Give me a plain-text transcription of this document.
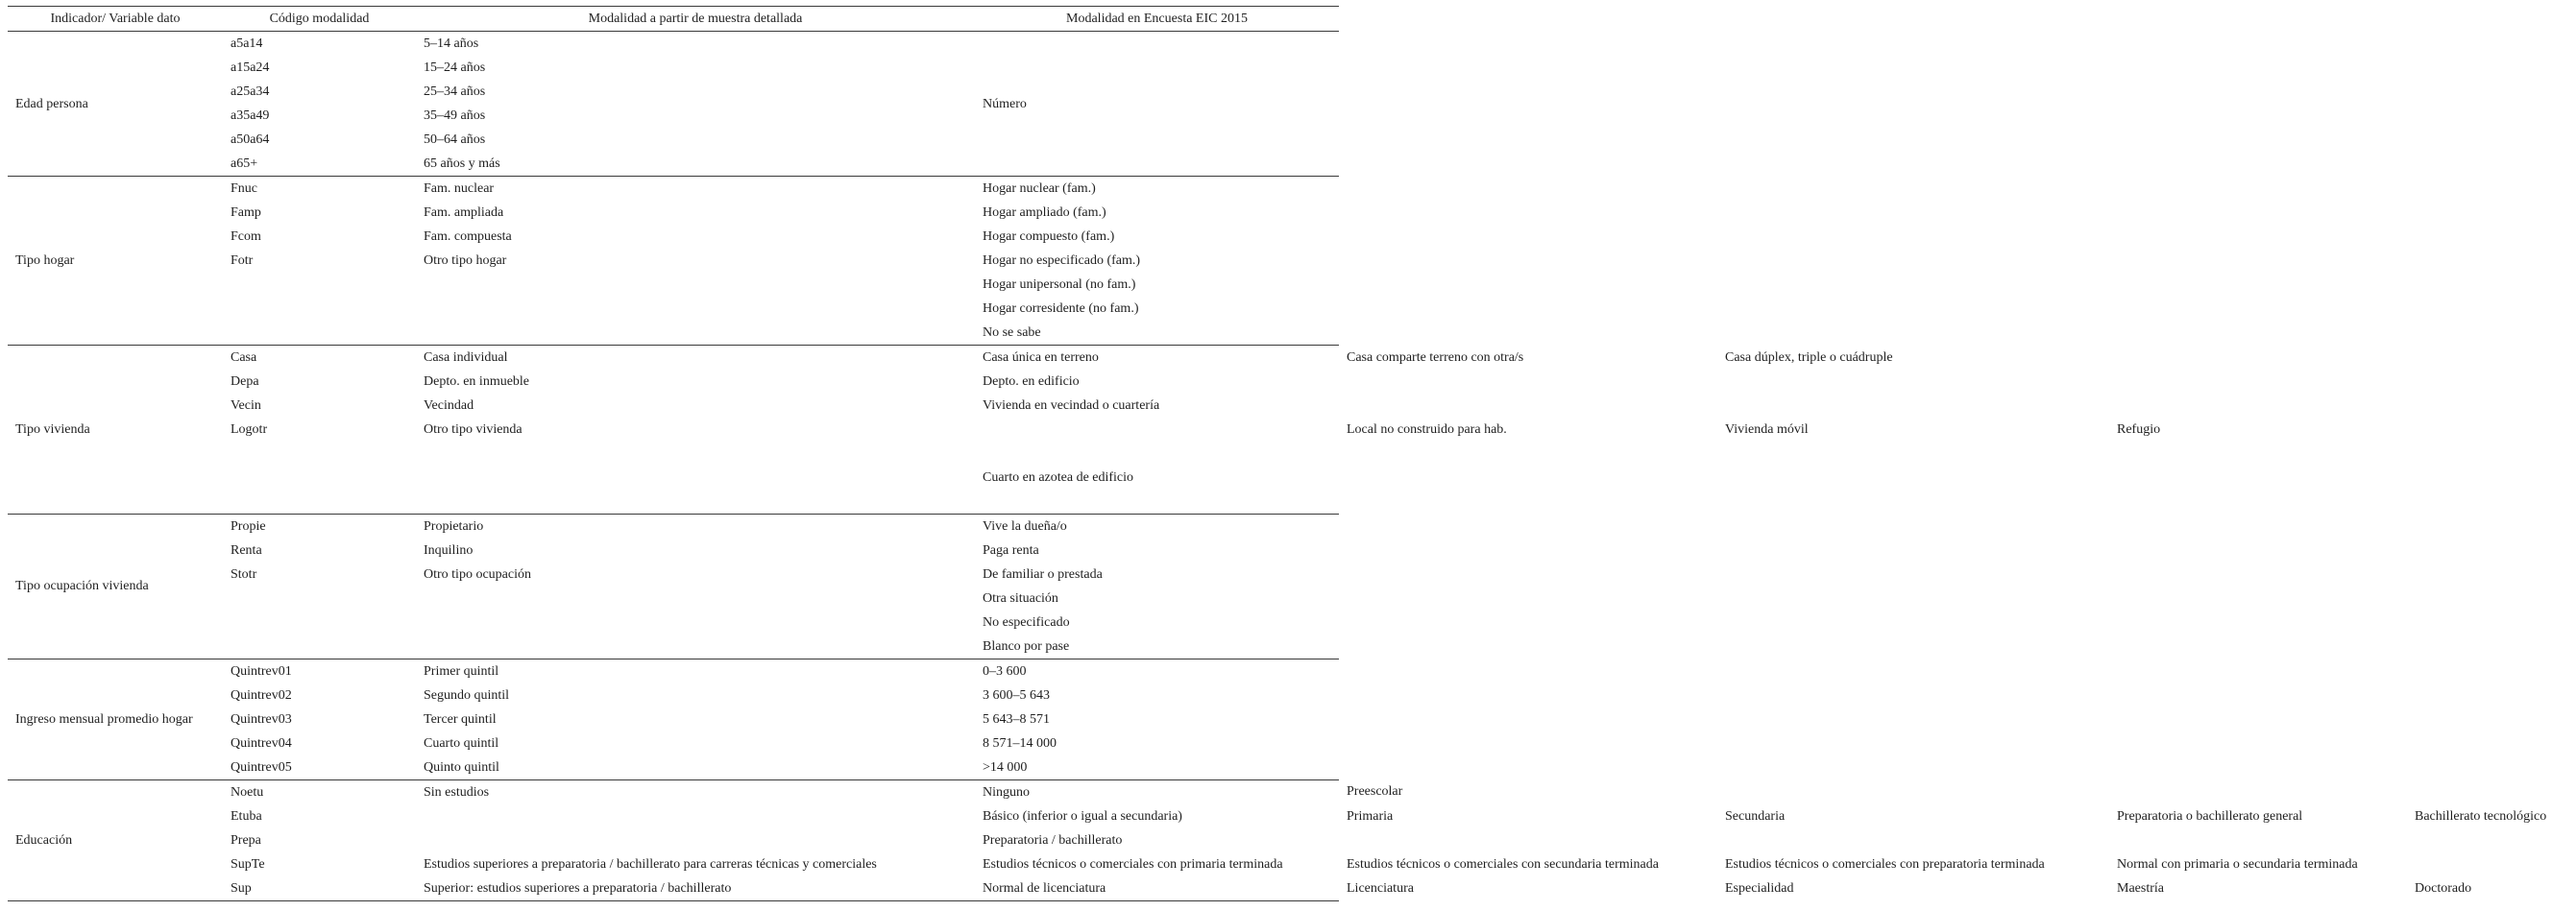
Indicador/ Variable dato	Código modalidad	Modalidad a partir de muestra detallada	Modalidad en Encuesta EIC 2015				
Edad persona	a5a14	5–14 años	Número				
	a15a24	15–24 años					
	a25a34	25–34 años					
	a35a49	35–49 años					
	a50a64	50–64 años					
	a65+	65 años y más					
Tipo hogar	Fnuc	Fam. nuclear	Hogar nuclear (fam.)				
	Famp	Fam. ampliada	Hogar ampliado (fam.)				
	Fcom	Fam. compuesta	Hogar compuesto (fam.)				
	Fotr	Otro tipo hogar	Hogar no especificado (fam.)				
			Hogar unipersonal (no fam.)				
			Hogar corresidente (no fam.)				
			No se sabe				
Tipo vivienda	Casa	Casa individual	Casa única en terreno	Casa comparte terreno con otra/s	Casa dúplex, triple o cuádruple		
	Depa	Depto. en inmueble	Depto. en edificio				
	Vecin	Vecindad	Vivienda en vecindad o cuartería				
	Logotr	Otro tipo vivienda		Local no construido para hab.	Vivienda móvil	Refugio	

			Cuarto en azotea de edificio				

Tipo ocupación vivienda	Propie	Propietario	Vive la dueña/o				
	Renta	Inquilino	Paga renta				
	Stotr	Otro tipo ocupación	De familiar o prestada				
			Otra situación				
			No especificado				
			Blanco por pase				
Ingreso mensual promedio hogar	Quintrev01	Primer quintil	0–3 600				
	Quintrev02	Segundo quintil	3 600–5 643				
	Quintrev03	Tercer quintil	5 643–8 571				
	Quintrev04	Cuarto quintil	8 571–14 000				
	Quintrev05	Quinto quintil	>14 000				
Educación	Noetu	Sin estudios	Ninguno	Preescolar			
	Etuba		Básico (inferior o igual a secundaria)	Primaria	Secundaria	Preparatoria o bachillerato general	Bachillerato tecnológico
	Prepa		Preparatoria / bachillerato				
	SupTe	Estudios superiores a preparatoria / bachillerato para carreras técnicas y comerciales	Estudios técnicos o comerciales con primaria terminada	Estudios técnicos o comerciales con secundaria terminada	Estudios técnicos o comerciales con preparatoria terminada	Normal con primaria o secundaria terminada	
	Sup	Superior: estudios superiores a preparatoria / bachillerato	Normal de licenciatura	Licenciatura	Especialidad	Maestría	Doctorado
